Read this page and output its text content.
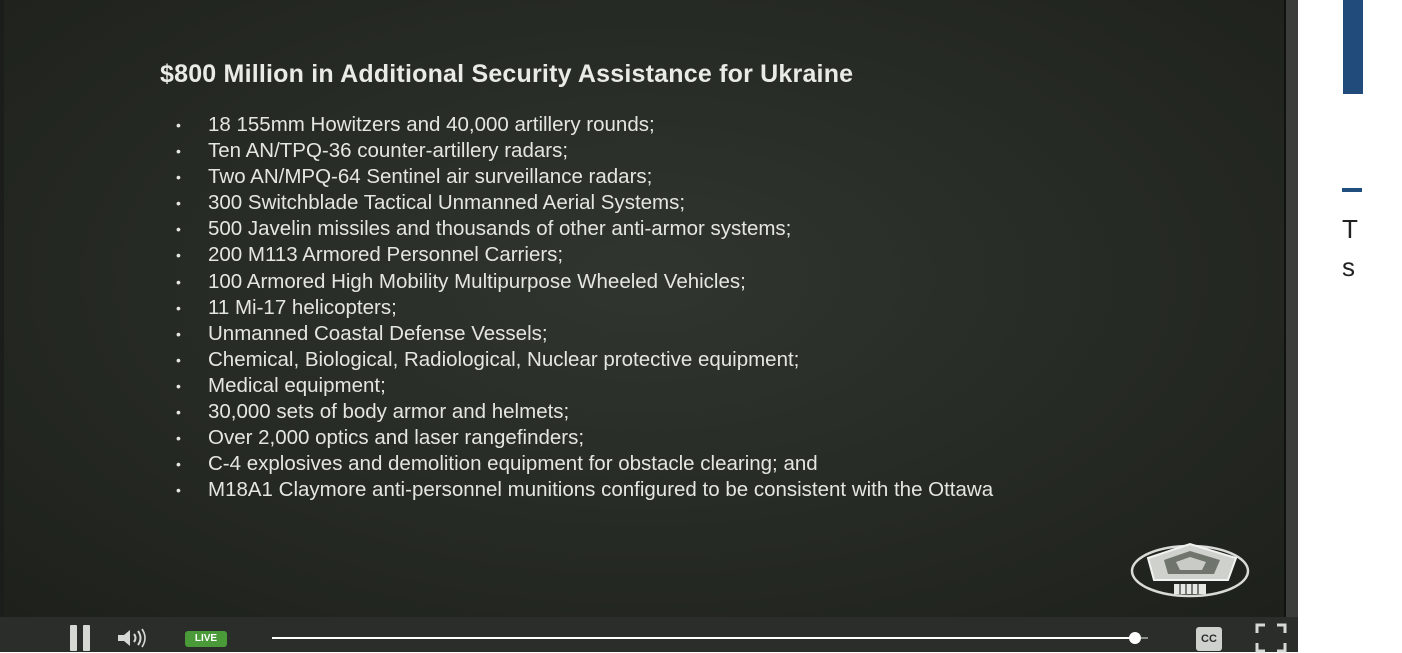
$800 Million in Additional Security Assistance for Ukraine
• 18 155mm Howitzers and 40,000 artillery rounds;
• Ten AN/TPQ-36 counter-artillery radars;
• Two AN/MPQ-64 Sentinel air surveillance radars;
• 300 Switchblade Tactical Unmanned Aerial Systems;
• 500 Javelin missiles and thousands of other anti-armor systems;
• 200 M113 Armored Personnel Carriers;
• 100 Armored High Mobility Multipurpose Wheeled Vehicles;
• 11 Mi-17 helicopters;
• Unmanned Coastal Defense Vessels;
• Chemical, Biological, Radiological, Nuclear protective equipment;
• Medical equipment;
• 30,000 sets of body armor and helmets;
• Over 2,000 optics and laser rangefinders;
• C-4 explosives and demolition equipment for obstacle clearing; and
• M18A1 Claymore anti-personnel munitions configured to be consistent with the Ottawa
LIVE	CC
T
s
